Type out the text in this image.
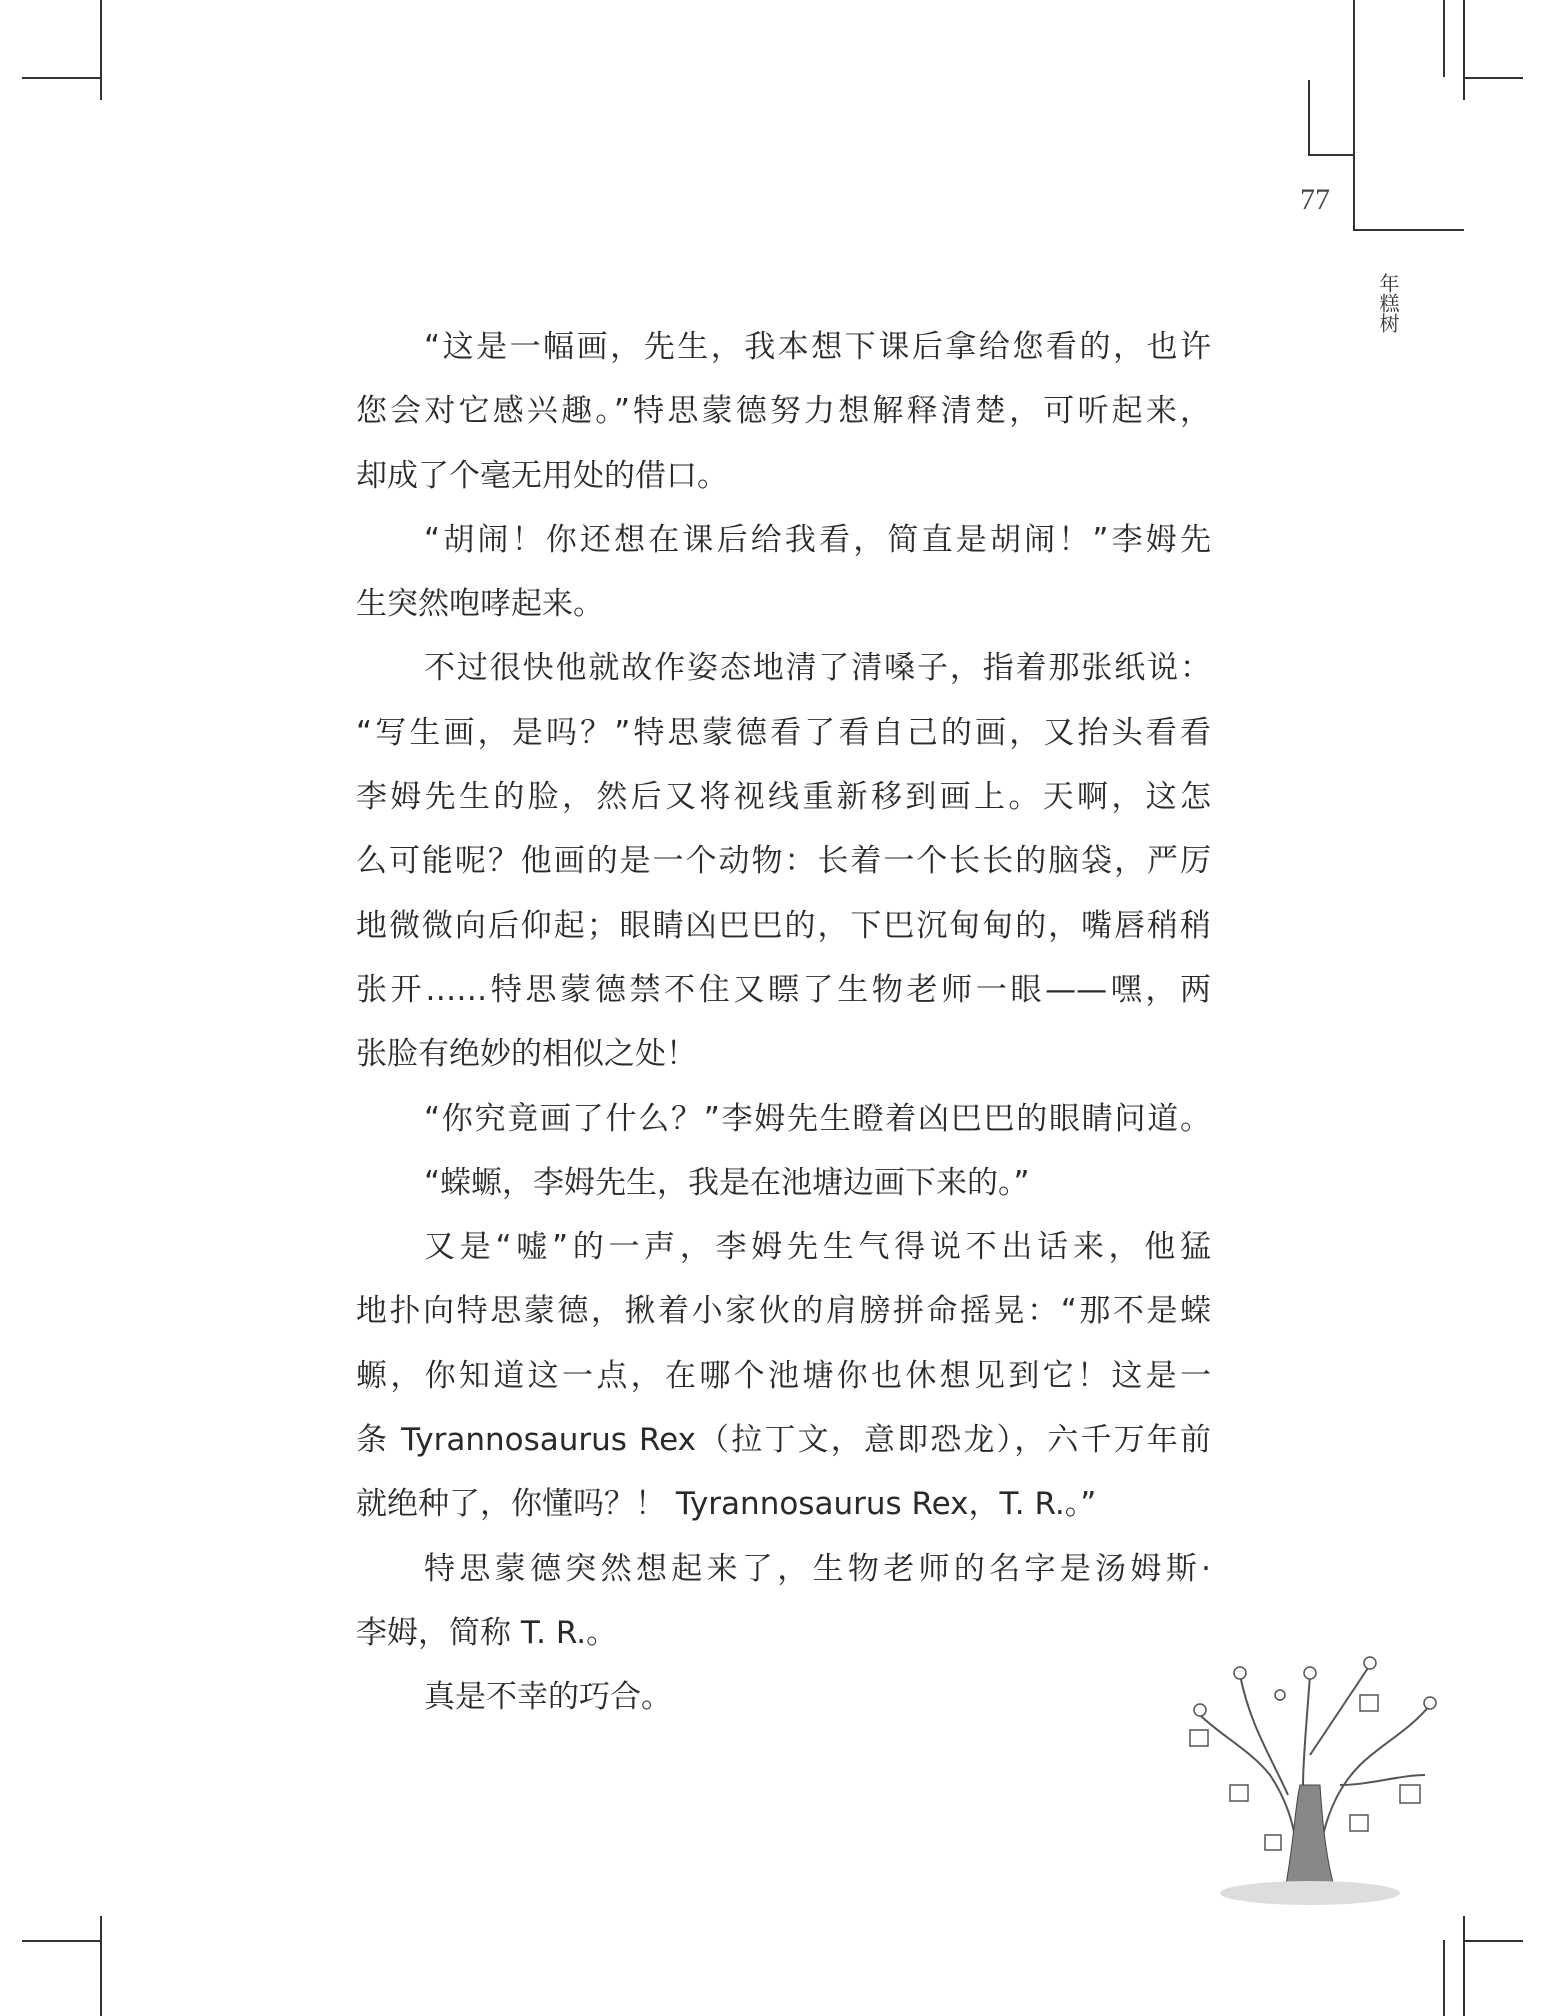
77
年糕树
“这是一幅画，先生，我本想下课后拿给您看的，也许
您会对它感兴趣。”特思蒙德努力想解释清楚，可听起来，
却成了个毫无用处的借口。
“胡闹！你还想在课后给我看，简直是胡闹！”李姆先
生突然咆哮起来。
不过很快他就故作姿态地清了清嗓子，指着那张纸说：
“写生画，是吗？”特思蒙德看了看自己的画，又抬头看看
李姆先生的脸，然后又将视线重新移到画上。天啊，这怎
么可能呢？他画的是一个动物：长着一个长长的脑袋，严厉
地微微向后仰起；眼睛凶巴巴的，下巴沉甸甸的，嘴唇稍稍
张开……特思蒙德禁不住又瞟了生物老师一眼——嘿，两
张脸有绝妙的相似之处！
“你究竟画了什么？”李姆先生瞪着凶巴巴的眼睛问道。
“蝾螈，李姆先生，我是在池塘边画下来的。”
又是“嘘”的一声，李姆先生气得说不出话来，他猛
地扑向特思蒙德，揪着小家伙的肩膀拼命摇晃：“那不是蝾
螈，你知道这一点，在哪个池塘你也休想见到它！这是一
条 Tyrannosaurus Rex（拉丁文，意即恐龙），六千万年前
就绝种了，你懂吗？！ Tyrannosaurus Rex，T. R.。”
特思蒙德突然想起来了，生物老师的名字是汤姆斯·
李姆，简称 T. R.。
真是不幸的巧合。
